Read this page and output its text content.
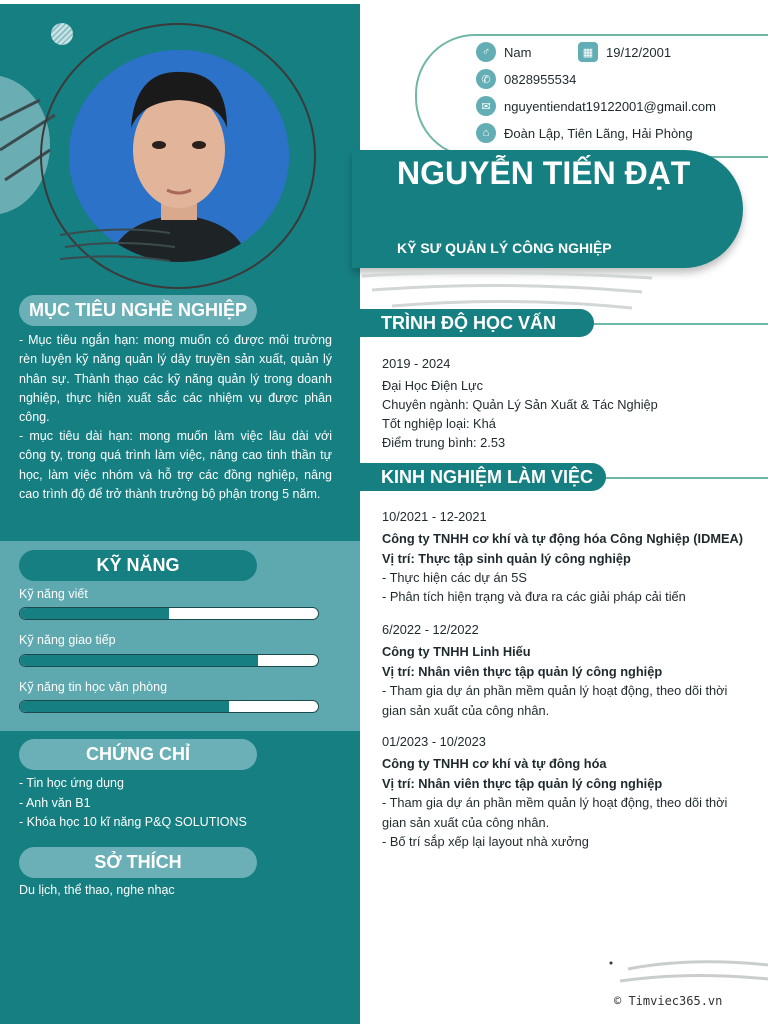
MỤC TIÊU NGHỀ NGHIỆP
- Mục tiêu ngắn hạn: mong muốn có được môi trường rèn luyện kỹ năng quản lý dây truyền sản xuất, quản lý nhân sự. Thành thạo các kỹ năng quản lý trong doanh nghiệp, thực hiện xuất sắc các nhiệm vụ được phân công.
- mục tiêu dài hạn: mong muốn làm việc lâu dài với công ty, trong quá trình làm việc, nâng cao tinh thần tự học, làm việc nhóm và hỗ trợ các đồng nghiệp, nâng cao trình độ để trở thành trưởng bộ phận trong 5 năm.
KỸ NĂNG
Kỹ năng viết
Kỹ năng giao tiếp
Kỹ năng tin học văn phòng
CHỨNG CHỈ
- Tin học ứng dụng
- Anh văn B1
- Khóa học 10 kĩ năng P&Q SOLUTIONS
SỞ THÍCH
Du lịch, thể thao, nghe nhạc
♂	Nam	▦ 19/12/2001
✆	0828955534
✉	nguyentiendat19122001@gmail.com
⌂	Đoàn Lập, Tiên Lãng, Hải Phòng
NGUYỄN TIẾN ĐẠT
KỸ SƯ QUẢN LÝ CÔNG NGHIỆP
TRÌNH ĐỘ HỌC VẤN
2019 - 2024
Đại Học Điện Lực
Chuyên ngành: Quản Lý Sản Xuất & Tác Nghiệp
Tốt nghiệp loại: Khá
Điểm trung bình: 2.53
KINH NGHIỆM LÀM VIỆC
10/2021 - 12-2021
Công ty TNHH cơ khí và tự động hóa Công Nghiệp (IDMEA)
Vị trí: Thực tập sinh quản lý công nghiệp
- Thực hiện các dự án 5S
- Phân tích hiện trạng và đưa ra các giải pháp cải tiến
6/2022 - 12/2022
Công ty TNHH Linh Hiếu
Vị trí: Nhân viên thực tập quản lý công nghiệp
- Tham gia dự án phần mềm quản lý hoạt động, theo dõi thời gian sản xuất của công nhân.
01/2023 - 10/2023
Công ty TNHH cơ khí và tự đông hóa
Vị trí: Nhân viên thực tập quản lý công nghiệp
- Tham gia dự án phần mềm quản lý hoạt động, theo dõi thời gian sản xuất của công nhân.
- Bố trí sắp xếp lại layout nhà xưởng
© Timviec365.vn
